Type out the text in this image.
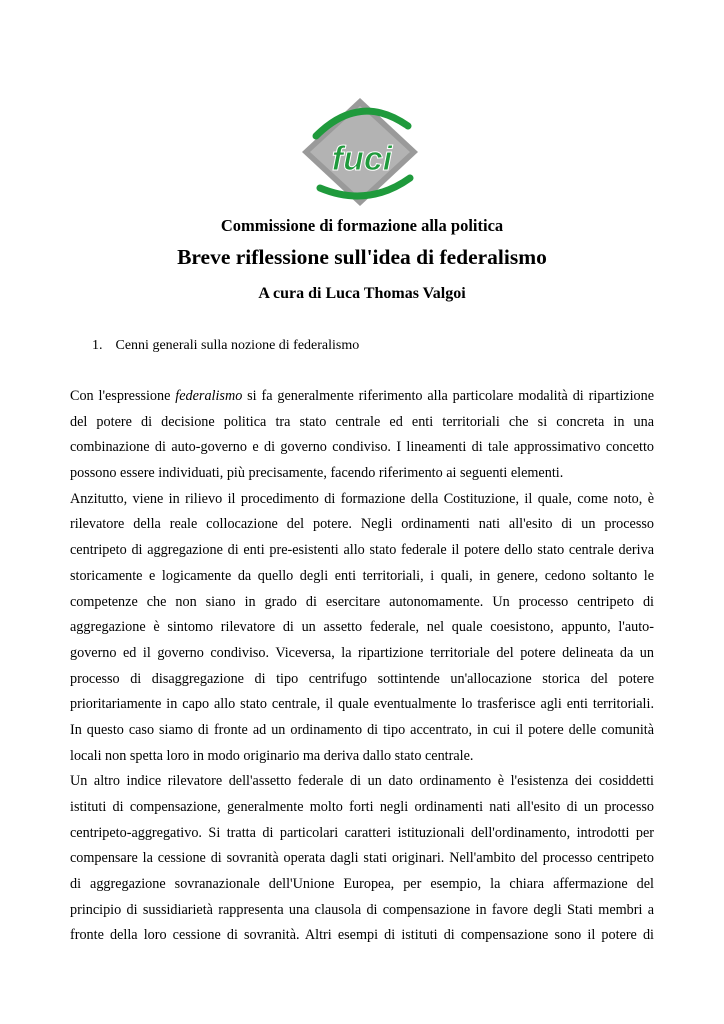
fuci
Commissione di formazione alla politica
Breve riflessione sull'idea di federalismo
A cura di Luca Thomas Valgoi
1. Cenni generali sulla nozione di federalismo
Con l'espressione federalismo si fa generalmente riferimento alla particolare modalità di ripartizione
del potere di decisione politica tra stato centrale ed enti territoriali che si concreta in una
combinazione di auto-governo e di governo condiviso. I lineamenti di tale approssimativo concetto
possono essere individuati, più precisamente, facendo riferimento ai seguenti elementi.
Anzitutto, viene in rilievo il procedimento di formazione della Costituzione, il quale, come noto, è
rilevatore della reale collocazione del potere. Negli ordinamenti nati all'esito di un processo
centripeto di aggregazione di enti pre-esistenti allo stato federale il potere dello stato centrale deriva
storicamente e logicamente da quello degli enti territoriali, i quali, in genere, cedono soltanto le
competenze che non siano in grado di esercitare autonomamente. Un processo centripeto di
aggregazione è sintomo rilevatore di un assetto federale, nel quale coesistono, appunto, l'auto-
governo ed il governo condiviso. Viceversa, la ripartizione territoriale del potere delineata da un
processo di disaggregazione di tipo centrifugo sottintende un'allocazione storica del potere
prioritariamente in capo allo stato centrale, il quale eventualmente lo trasferisce agli enti territoriali.
In questo caso siamo di fronte ad un ordinamento di tipo accentrato, in cui il potere delle comunità
locali non spetta loro in modo originario ma deriva dallo stato centrale.
Un altro indice rilevatore dell'assetto federale di un dato ordinamento è l'esistenza dei cosiddetti
istituti di compensazione, generalmente molto forti negli ordinamenti nati all'esito di un processo
centripeto-aggregativo. Si tratta di particolari caratteri istituzionali dell'ordinamento, introdotti per
compensare la cessione di sovranità operata dagli stati originari. Nell'ambito del processo centripeto
di aggregazione sovranazionale dell'Unione Europea, per esempio, la chiara affermazione del
principio di sussidiarietà rappresenta una clausola di compensazione in favore degli Stati membri a
fronte della loro cessione di sovranità. Altri esempi di istituti di compensazione sono il potere di
